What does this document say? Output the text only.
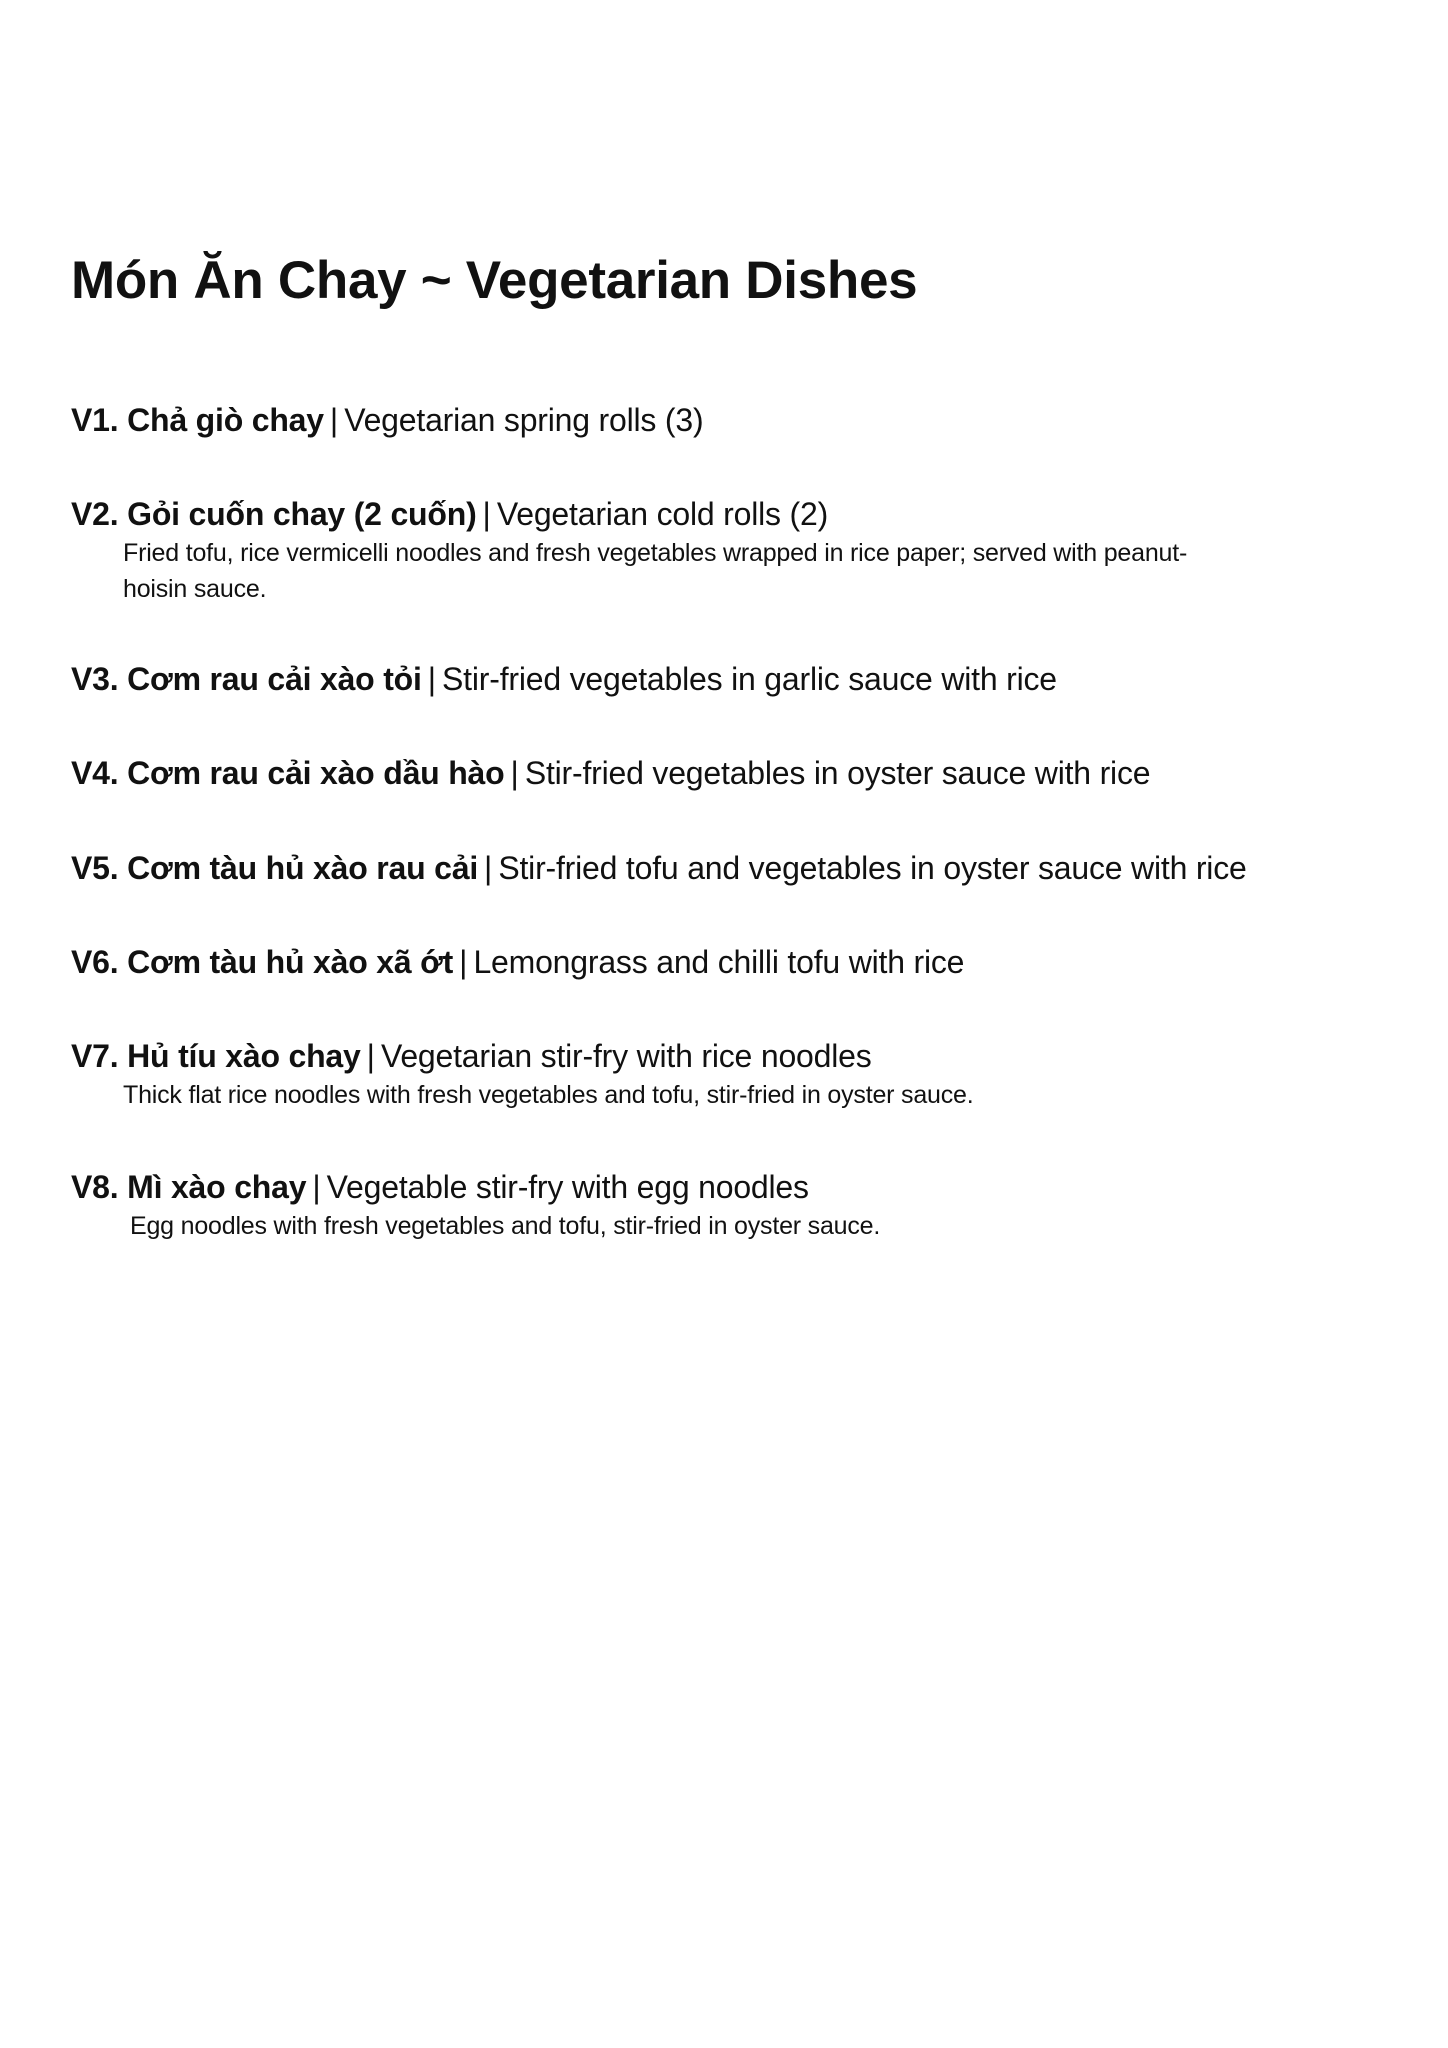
Món Ăn Chay ~ Vegetarian Dishes
V1. Chả giò chay | Vegetarian spring rolls (3)
V2. Gỏi cuốn chay (2 cuốn) | Vegetarian cold rolls (2)
Fried tofu, rice vermicelli noodles and fresh vegetables wrapped in rice paper; served with peanut-hoisin sauce.
V3. Cơm rau cải xào tỏi | Stir-fried vegetables in garlic sauce with rice
V4. Cơm rau cải xào dầu hào | Stir-fried vegetables in oyster sauce with rice
V5. Cơm tàu hủ xào rau cải | Stir-fried tofu and vegetables in oyster sauce with rice
V6. Cơm tàu hủ xào xã ớt | Lemongrass and chilli tofu with rice
V7. Hủ tíu xào chay | Vegetarian stir-fry with rice noodles
Thick flat rice noodles with fresh vegetables and tofu, stir-fried in oyster sauce.
V8. Mì xào chay | Vegetable stir-fry with egg noodles
Egg noodles with fresh vegetables and tofu, stir-fried in oyster sauce.
